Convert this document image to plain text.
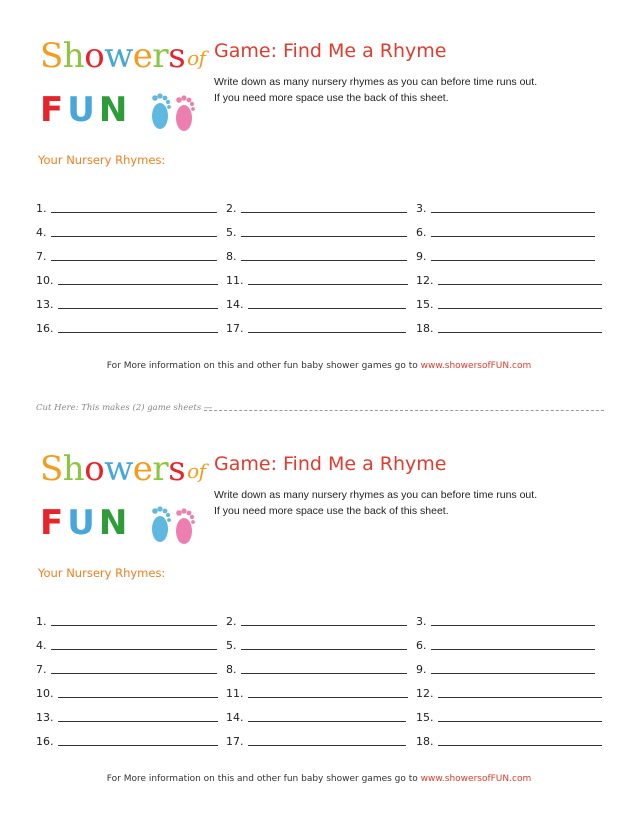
Showers of
FUN
Game: Find Me a Rhyme
Write down as many nursery rhymes as you can before time runs out.
If you need more space use the back of this sheet.
Your Nursery Rhymes:
1.	2.	3.
4.	5.	6.
7.	8.	9.
10.	11.	12.
13.	14.	15.
16.	17.	18.
For More information on this and other fun baby shower games go to www.showersofFUN.com
Cut Here: This makes (2) game sheets —
Showers of
FUN
Game: Find Me a Rhyme
Write down as many nursery rhymes as you can before time runs out.
If you need more space use the back of this sheet.
Your Nursery Rhymes:
1.	2.	3.
4.	5.	6.
7.	8.	9.
10.	11.	12.
13.	14.	15.
16.	17.	18.
For More information on this and other fun baby shower games go to www.showersofFUN.com
